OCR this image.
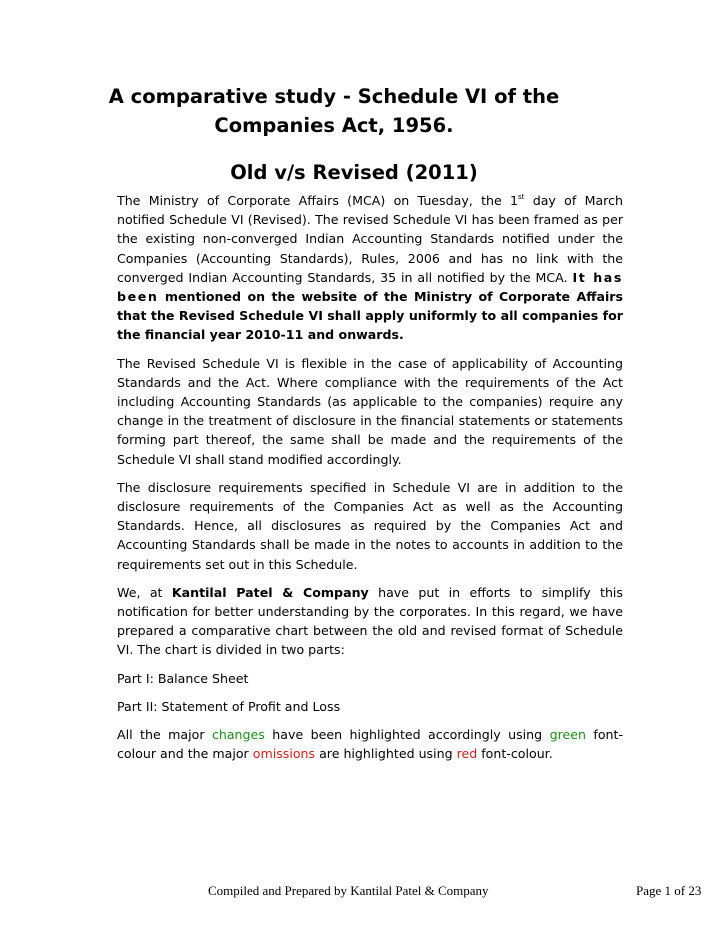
A comparative study - Schedule VI of the
Companies Act, 1956.
Old v/s Revised (2011)

The Ministry of Corporate Affairs (MCA) on Tuesday, the 1st day of March notified Schedule VI (Revised). The revised Schedule VI has been framed as per the existing non-converged Indian Accounting Standards notified under the Companies (Accounting Standards), Rules, 2006 and has no link with the converged Indian Accounting Standards, 35 in all notified by the MCA. It has been mentioned on the website of the Ministry of Corporate Affairs that the Revised Schedule VI shall apply uniformly to all companies for the financial year 2010-11 and onwards.

The Revised Schedule VI is flexible in the case of applicability of Accounting Standards and the Act. Where compliance with the requirements of the Act including Accounting Standards (as applicable to the companies) require any change in the treatment of disclosure in the financial statements or statements forming part thereof, the same shall be made and the requirements of the Schedule VI shall stand modified accordingly.

The disclosure requirements specified in Schedule VI are in addition to the disclosure requirements of the Companies Act as well as the Accounting Standards. Hence, all disclosures as required by the Companies Act and Accounting Standards shall be made in the notes to accounts in addition to the requirements set out in this Schedule.

We, at Kantilal Patel & Company have put in efforts to simplify this notification for better understanding by the corporates. In this regard, we have prepared a comparative chart between the old and revised format of Schedule VI. The chart is divided in two parts:

Part I: Balance Sheet

Part II: Statement of Profit and Loss

All the major changes have been highlighted accordingly using green font-colour and the major omissions are highlighted using red font-colour.

Compiled and Prepared by Kantilal Patel & Company	Page 1 of 23
